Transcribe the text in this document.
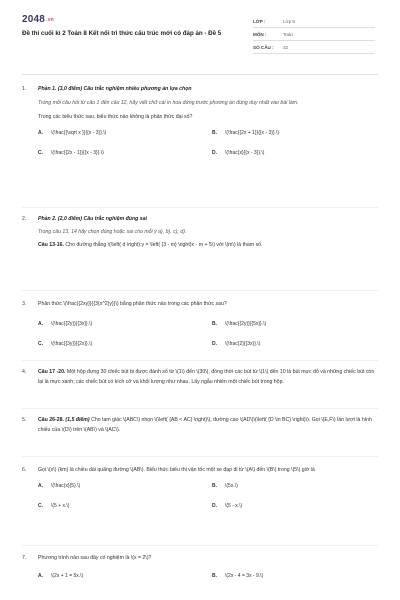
2048.vn
Đề thi cuối kì 2 Toán 8 Kết nối tri thức cấu trúc mới có đáp án - Đề 5
LỚP :	Lớp 8
MÔN :	Toán
SỐ CÂU :	32
1. Phần 1. (3,0 điểm) Câu trắc nghiệm nhiều phương án lựa chọn
Trong mỗi câu hỏi từ câu 1 đến câu 12, hãy viết chữ cái in hoa đứng trước phương án đúng duy nhất vào bài làm.
Trong các biểu thức sau, biểu thức nào không là phân thức đại số?
A. \(\frac{{\sqrt x }}{{x - 3}}.\)	B. \(\frac{{2x + 1}}{{x - 3}}.\)
C. \(\frac{{2x - 1}}{{x - 3}}.\)	D. \(\frac{x}{{x - 3}}.\)
2. Phần 2. (2,0 điểm) Câu trắc nghiệm đúng sai
Trong câu 13, 14 hãy chọn đúng hoặc sai cho mỗi ý a), b), c), d).
Câu 13-16. Cho đường thẳng \(\left( d \right):y = \left( {3 - m} \right)x - m + 5\) với \(m\) là tham số.
3. Phân thức \(\frac{{2xy}}{{3{x^2}y}}\) bằng phân thức nào trong các phân thức sau?
A. \(\frac{{2y}}{{3x}}.\)	B. \(\frac{{2y}}{{5x}}.\)
C. \(\frac{{3y}}{{2x}}.\)	D. \(\frac{2}{{3x}}.\)
4. Câu 17 -20. Một hộp đựng 30 chiếc bút bi được đánh số từ \(1\) đến \(30\), đồng thời các bút từ \(1\) đến 10 là bút mực đỏ và những chiếc bút còn lại là mực xanh; các chiếc bút có kích cỡ và khối lượng như nhau. Lấy ngẫu nhiên một chiếc bút trong hộp.
5. Câu 26-28. (1,5 điểm) Cho tam giác \(ABC\) nhọn \(\left( {AB < AC} \right)\), đường cao \(AD\)\(\left( {D \in BC} \right)\). Gọi \(E,F\) lần lượt là hình chiếu của \(D\) trên \(AB\) và \(AC\).
6. Gọi \(x\) (km) là chiều dài quãng đường \(AB\). Biểu thức biểu thị vận tốc một xe đạp đi từ \(A\) đến \(B\) trong \(5\) giờ là
A. \(\frac{x}{5}.\)	B. \(5x.\)
C. \(5 + x.\)	D. \(5 - x.\)
7. Phương trình nào sau đây có nghiệm là \(x = 2\)?
A. \(2x + 1 = 5x.\)	B. \(2x - 4 = 3x - 9.\)
